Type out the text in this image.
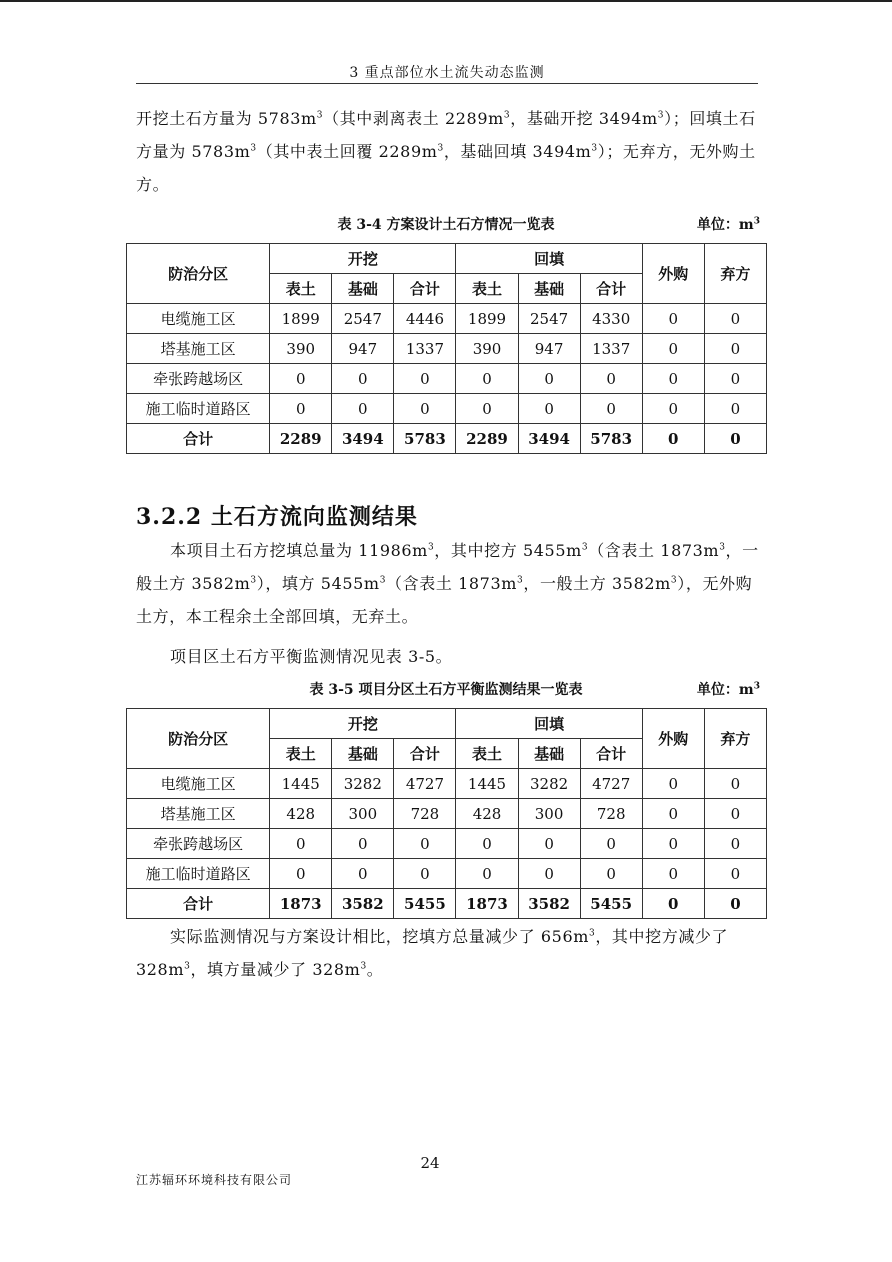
3 重点部位水土流失动态监测
开挖土石方量为 $5783m^3$（其中剥离表土 $2289m^3$，基础开挖 $3494m^3$）；回填土石方量为 $5783m^3$（其中表土回覆 $2289m^3$，基础回填 $3494m^3$）；无弃方，无外购土方。
表 3-4 方案设计土石方情况一览表	单位：$m^3$
防治分区	开挖			回填			外购	弃方
	表土	基础	合计	表土	基础	合计		
电缆施工区	1899	2547	4446	1899	2547	4330	0	0
塔基施工区	390	947	1337	390	947	1337	0	0
牵张跨越场区	0	0	0	0	0	0	0	0
施工临时道路区	0	0	0	0	0	0	0	0
合计	2289	3494	5783	2289	3494	5783	0	0
3.2.2 土石方流向监测结果
本项目土石方挖填总量为 $11986m^3$，其中挖方 $5455m^3$（含表土 $1873m^3$，一般土方 $3582m^3$），填方 $5455m^3$（含表土 $1873m^3$，一般土方 $3582m^3$），无外购土方，本工程余土全部回填，无弃土。
项目区土石方平衡监测情况见表 3-5。
表 3-5 项目分区土石方平衡监测结果一览表	单位：$m^3$
防治分区	开挖			回填			外购	弃方
	表土	基础	合计	表土	基础	合计		
电缆施工区	1445	3282	4727	1445	3282	4727	0	0
塔基施工区	428	300	728	428	300	728	0	0
牵张跨越场区	0	0	0	0	0	0	0	0
施工临时道路区	0	0	0	0	0	0	0	0
合计	1873	3582	5455	1873	3582	5455	0	0
实际监测情况与方案设计相比，挖填方总量减少了 $656m^3$，其中挖方减少了 $328m^3$，填方量减少了 $328m^3$。
24
江苏辐环环境科技有限公司
